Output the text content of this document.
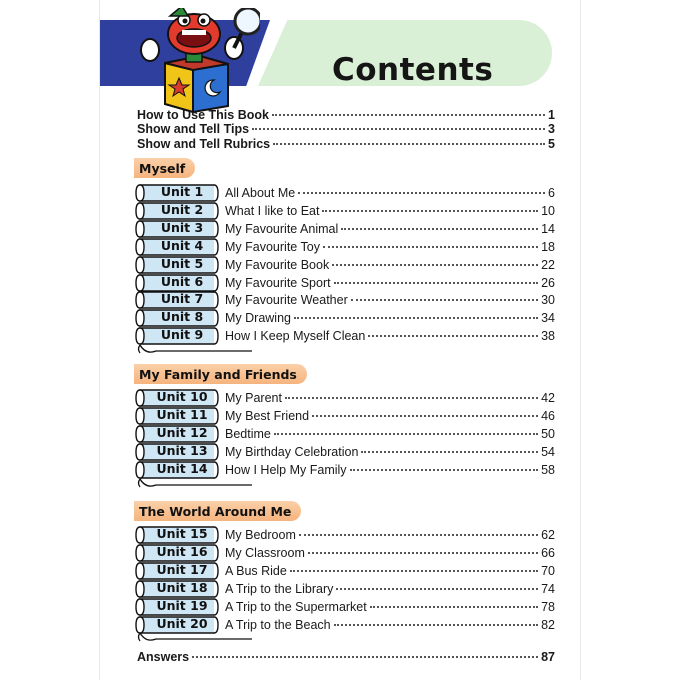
Contents
How to Use This Book	1
Show and Tell Tips	3
Show and Tell Rubrics	5
Myself
Unit 1	All About Me	6
Unit 2	What I like to Eat	10
Unit 3	My Favourite Animal	14
Unit 4	My Favourite Toy	18
Unit 5	My Favourite Book	22
Unit 6	My Favourite Sport	26
Unit 7	My Favourite Weather	30
Unit 8	My Drawing	34
Unit 9	How I Keep Myself Clean	38
My Family and Friends
Unit 10 My Parent	42
Unit 11 My Best Friend	46
Unit 12 Bedtime	50
Unit 13 My Birthday Celebration	54
Unit 14 How I Help My Family	58
The World Around Me
Unit 15 My Bedroom	62
Unit 16 My Classroom	66
Unit 17 A Bus Ride	70
Unit 18 A Trip to the Library	74
Unit 19 A Trip to the Supermarket	78
Unit 20 A Trip to the Beach	82
Answers	87
